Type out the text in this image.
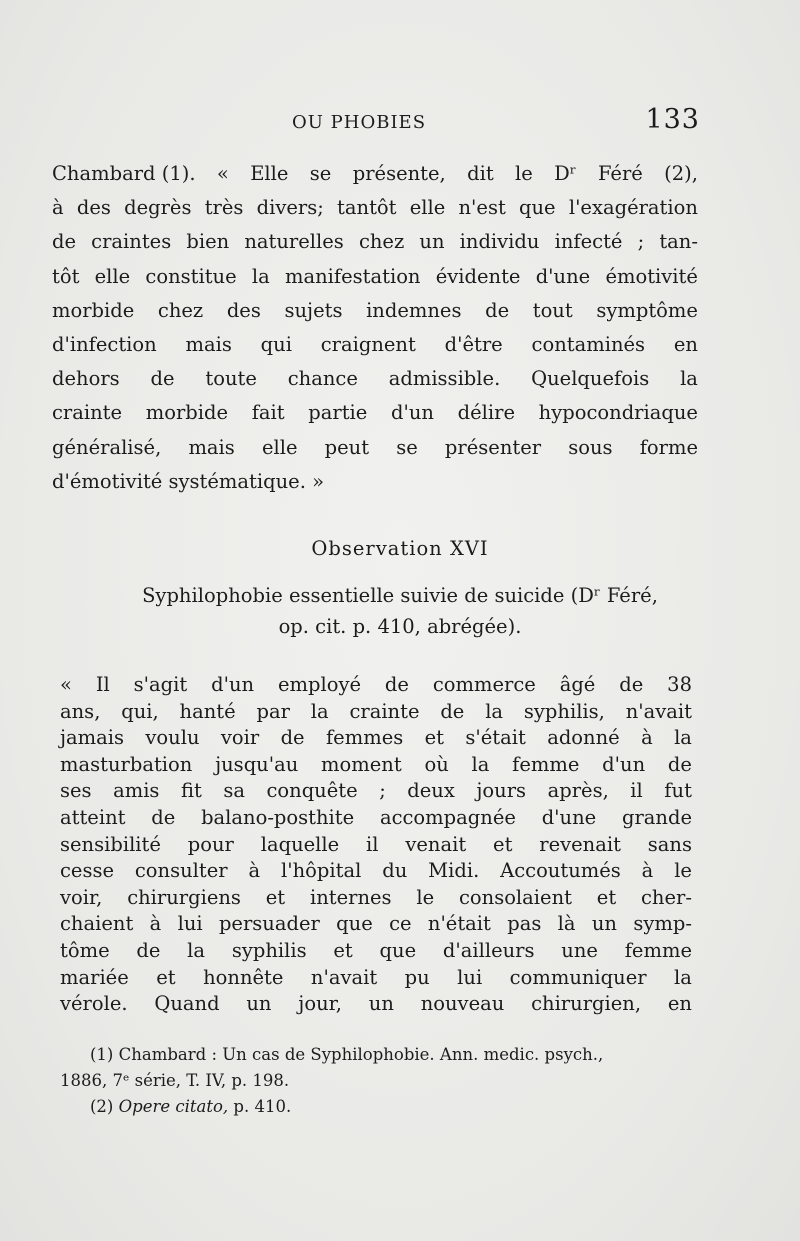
OU PHOBIES	133
Chambard (1). « Elle se présente, dit le Dʳ Féré (2),
à des degrès très divers; tantôt elle n'est que l'exagération
de craintes bien naturelles chez un individu infecté ; tan-
tôt elle constitue la manifestation évidente d'une émotivité
morbide chez des sujets indemnes de tout symptôme
d'infection mais qui craignent d'être contaminés en
dehors de toute chance admissible. Quelquefois la
crainte morbide fait partie d'un délire hypocondriaque
généralisé, mais elle peut se présenter sous forme
d'émotivité systématique. »
Observation XVI
Syphilophobie essentielle suivie de suicide (Dʳ Féré,
op. cit. p. 410, abrégée).
« Il s'agit d'un employé de commerce âgé de 38
ans, qui, hanté par la crainte de la syphilis, n'avait
jamais voulu voir de femmes et s'était adonné à la
masturbation jusqu'au moment où la femme d'un de
ses amis fit sa conquête ; deux jours après, il fut
atteint de balano-posthite accompagnée d'une grande
sensibilité pour laquelle il venait et revenait sans
cesse consulter à l'hôpital du Midi. Accoutumés à le
voir, chirurgiens et internes le consolaient et cher-
chaient à lui persuader que ce n'était pas là un symp-
tôme de la syphilis et que d'ailleurs une femme
mariée et honnête n'avait pu lui communiquer la
vérole. Quand un jour, un nouveau chirurgien, en
(1) Chambard : Un cas de Syphilophobie. Ann. medic. psych.,
1886, 7ᵉ série, T. IV, p. 198.
(2) Opere citato, p. 410.
